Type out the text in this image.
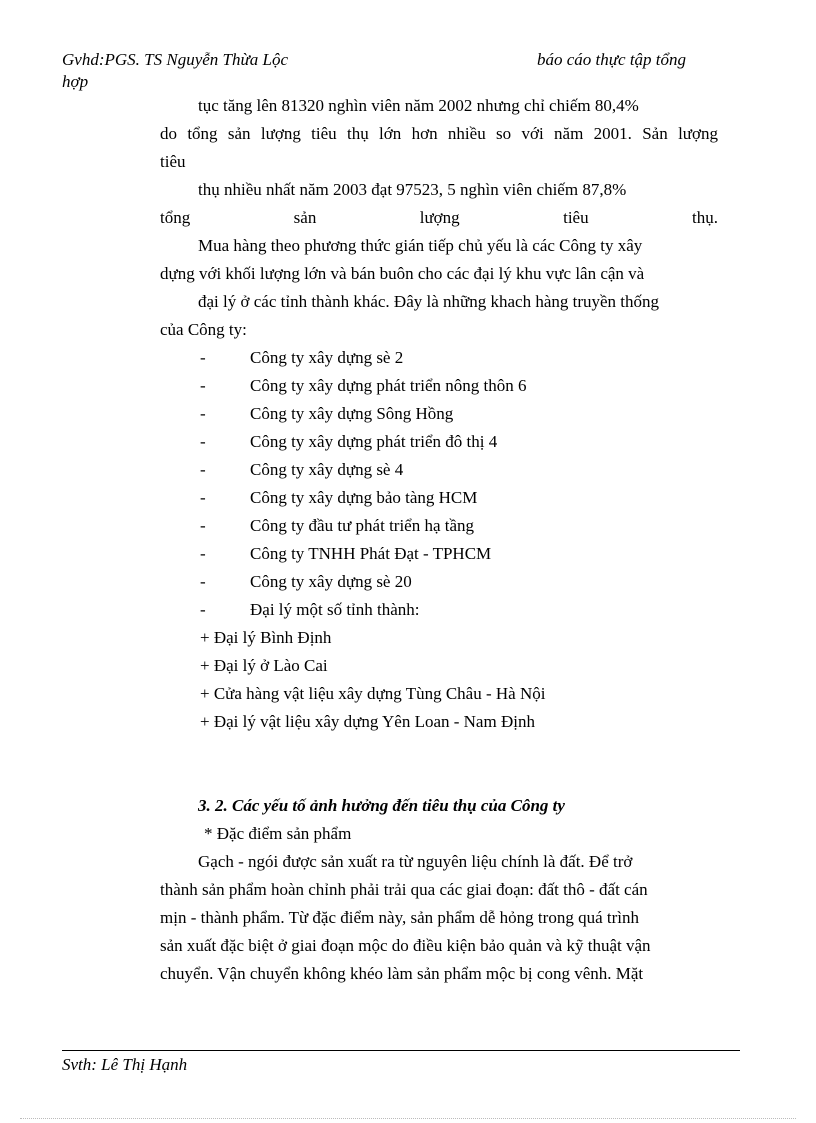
Gvhd:PGS. TS Nguyễn Thừa Lộc	báo cáo thực tập tổng
hợp
tục tăng lên 81320 nghìn viên năm 2002 nhưng chỉ chiếm 80,4%
do tổng sản lượng tiêu thụ lớn hơn nhiều so với năm 2001. Sản lượng
tiêu
thụ nhiều nhất năm 2003 đạt 97523, 5 nghìn viên chiếm 87,8%
tổng sản lượng tiêu thụ.
Mua hàng theo phương thức gián tiếp chủ yếu là các Công ty xây
dựng với khối lượng lớn và bán buôn cho các đại lý khu vực lân cận và
đại lý ở các tỉnh thành khác. Đây là những khach hàng truyền thống
của Công ty:
-	Công ty xây dựng sè 2
-	Công ty xây dựng phát triển nông thôn 6
-	Công ty xây dựng Sông Hồng
-	Công ty xây dựng phát triển đô thị 4
-	Công ty xây dựng sè 4
-	Công ty xây dựng bảo tàng HCM
-	Công ty đầu tư phát triển hạ tầng
-	Công ty TNHH Phát Đạt - TPHCM
-	Công ty xây dựng sè 20
-	Đại lý một số tỉnh thành:
+ Đại lý Bình Định
+ Đại lý ở Lào Cai
+ Cửa hàng vật liệu xây dựng Tùng Châu - Hà Nội
+ Đại lý vật liệu xây dựng Yên Loan - Nam Định
3. 2. Các yếu tố ảnh hưởng đến tiêu thụ của Công ty
* Đặc điểm sản phẩm
Gạch - ngói được sản xuất ra từ nguyên liệu chính là đất. Để trở
thành sản phẩm hoàn chỉnh phải trải qua các giai đoạn: đất thô - đất cán
mịn - thành phẩm. Từ đặc điểm này, sản phẩm dễ hỏng trong quá trình
sản xuất đặc biệt ở giai đoạn mộc do điều kiện bảo quản và kỹ thuật vận
chuyển. Vận chuyển không khéo làm sản phẩm mộc bị cong vênh. Mặt
Svth: Lê Thị Hạnh
